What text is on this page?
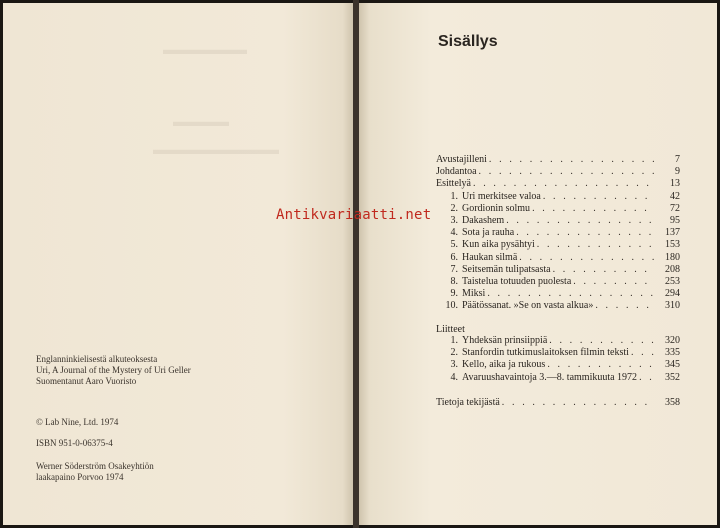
▬▬▬▬▬▬
▬▬▬▬
▬▬▬▬▬▬▬▬▬
Englanninkielisestä alkuteoksesta
Uri, A Journal of the Mystery of Uri Geller
Suomentanut Aaro Vuoristo
© Lab Nine, Ltd. 1974
ISBN 951-0-06375-4
Werner Söderström Osakeyhtiön
laakapaino Porvoo 1974
Sisällys
Avustajilleni . . .	7
Johdantoa . . .	9
Esittelyä . . .	13
1. Uri merkitsee valoa . . .	42
2. Gordionin solmu . . .	72
3. Dakashem . . .	95
4. Sota ja rauha . . .	137
5. Kun aika pysähtyi . . .	153
6. Haukan silmä . . .	180
7. Seitsemän tulipatsasta . . .	208
8. Taistelua totuuden puolesta . . .	253
9. Miksi . . .	294
10. Päätössanat. »Se on vasta alkua» . . .	310
Liitteet
1. Yhdeksän prinsiippiä . . .	320
2. Stanfordin tutkimuslaitoksen filmin teksti . . .	335
3. Kello, aika ja rukous . . .	345
4. Avaruushavaintoja 3.—8. tammikuuta 1972 . . .	352
Tietoja tekijästä . . .	358
Antikvariaatti.net
